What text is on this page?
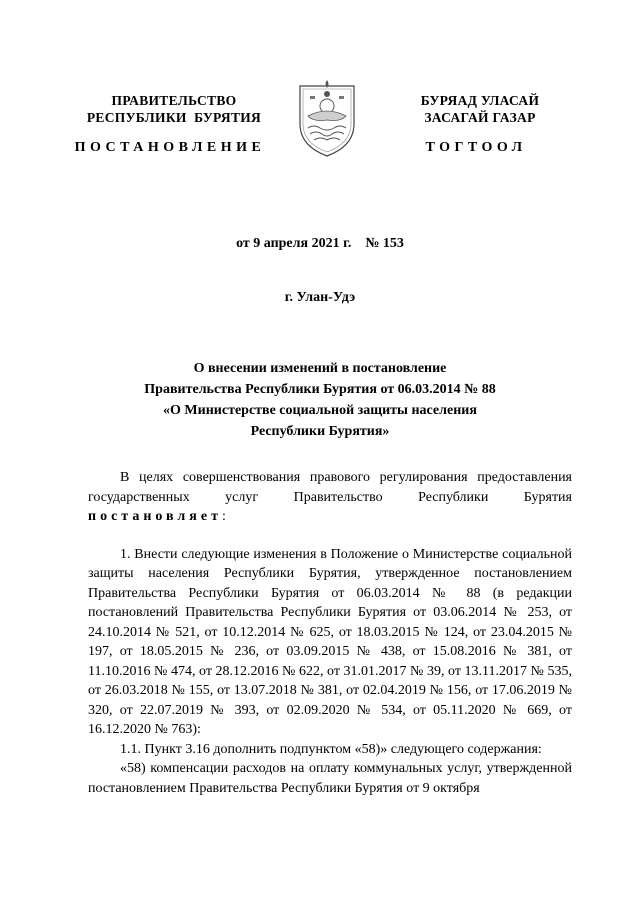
ПРАВИТЕЛЬСТВО
РЕСПУБЛИКИ  БУРЯТИЯ
БУРЯАД УЛАСАЙ
ЗАСАГАЙ ГАЗАР
ПОСТАНОВЛЕНИЕ	ТОГТООЛ
от 9 апреля 2021 г. № 153
г. Улан-Удэ
О внесении изменений в постановление
Правительства Республики Бурятия от 06.03.2014 № 88
«О Министерстве социальной защиты населения
Республики Бурятия»

В целях совершенствования правового регулирования предоставления государственных услуг Правительство Республики Бурятия постановляет:

1. Внести следующие изменения в Положение о Министерстве социальной защиты населения Республики Бурятия, утвержденное постановлением Правительства Республики Бурятия от 06.03.2014 № 88 (в редакции постановлений Правительства Республики Бурятия от 03.06.2014 № 253, от 24.10.2014 № 521, от 10.12.2014 № 625, от 18.03.2015 № 124, от 23.04.2015 № 197, от 18.05.2015 № 236, от 03.09.2015 № 438, от 15.08.2016 № 381, от 11.10.2016 № 474, от 28.12.2016 № 622, от 31.01.2017 № 39, от 13.11.2017 № 535, от 26.03.2018 № 155, от 13.07.2018 № 381, от 02.04.2019 № 156, от 17.06.2019 № 320, от 22.07.2019 № 393, от 02.09.2020 № 534, от 05.11.2020 № 669, от 16.12.2020 № 763):

1.1. Пункт 3.16 дополнить подпунктом «58)» следующего содержания:

«58) компенсации расходов на оплату коммунальных услуг, утвержденной постановлением Правительства Республики Бурятия от 9 октября
